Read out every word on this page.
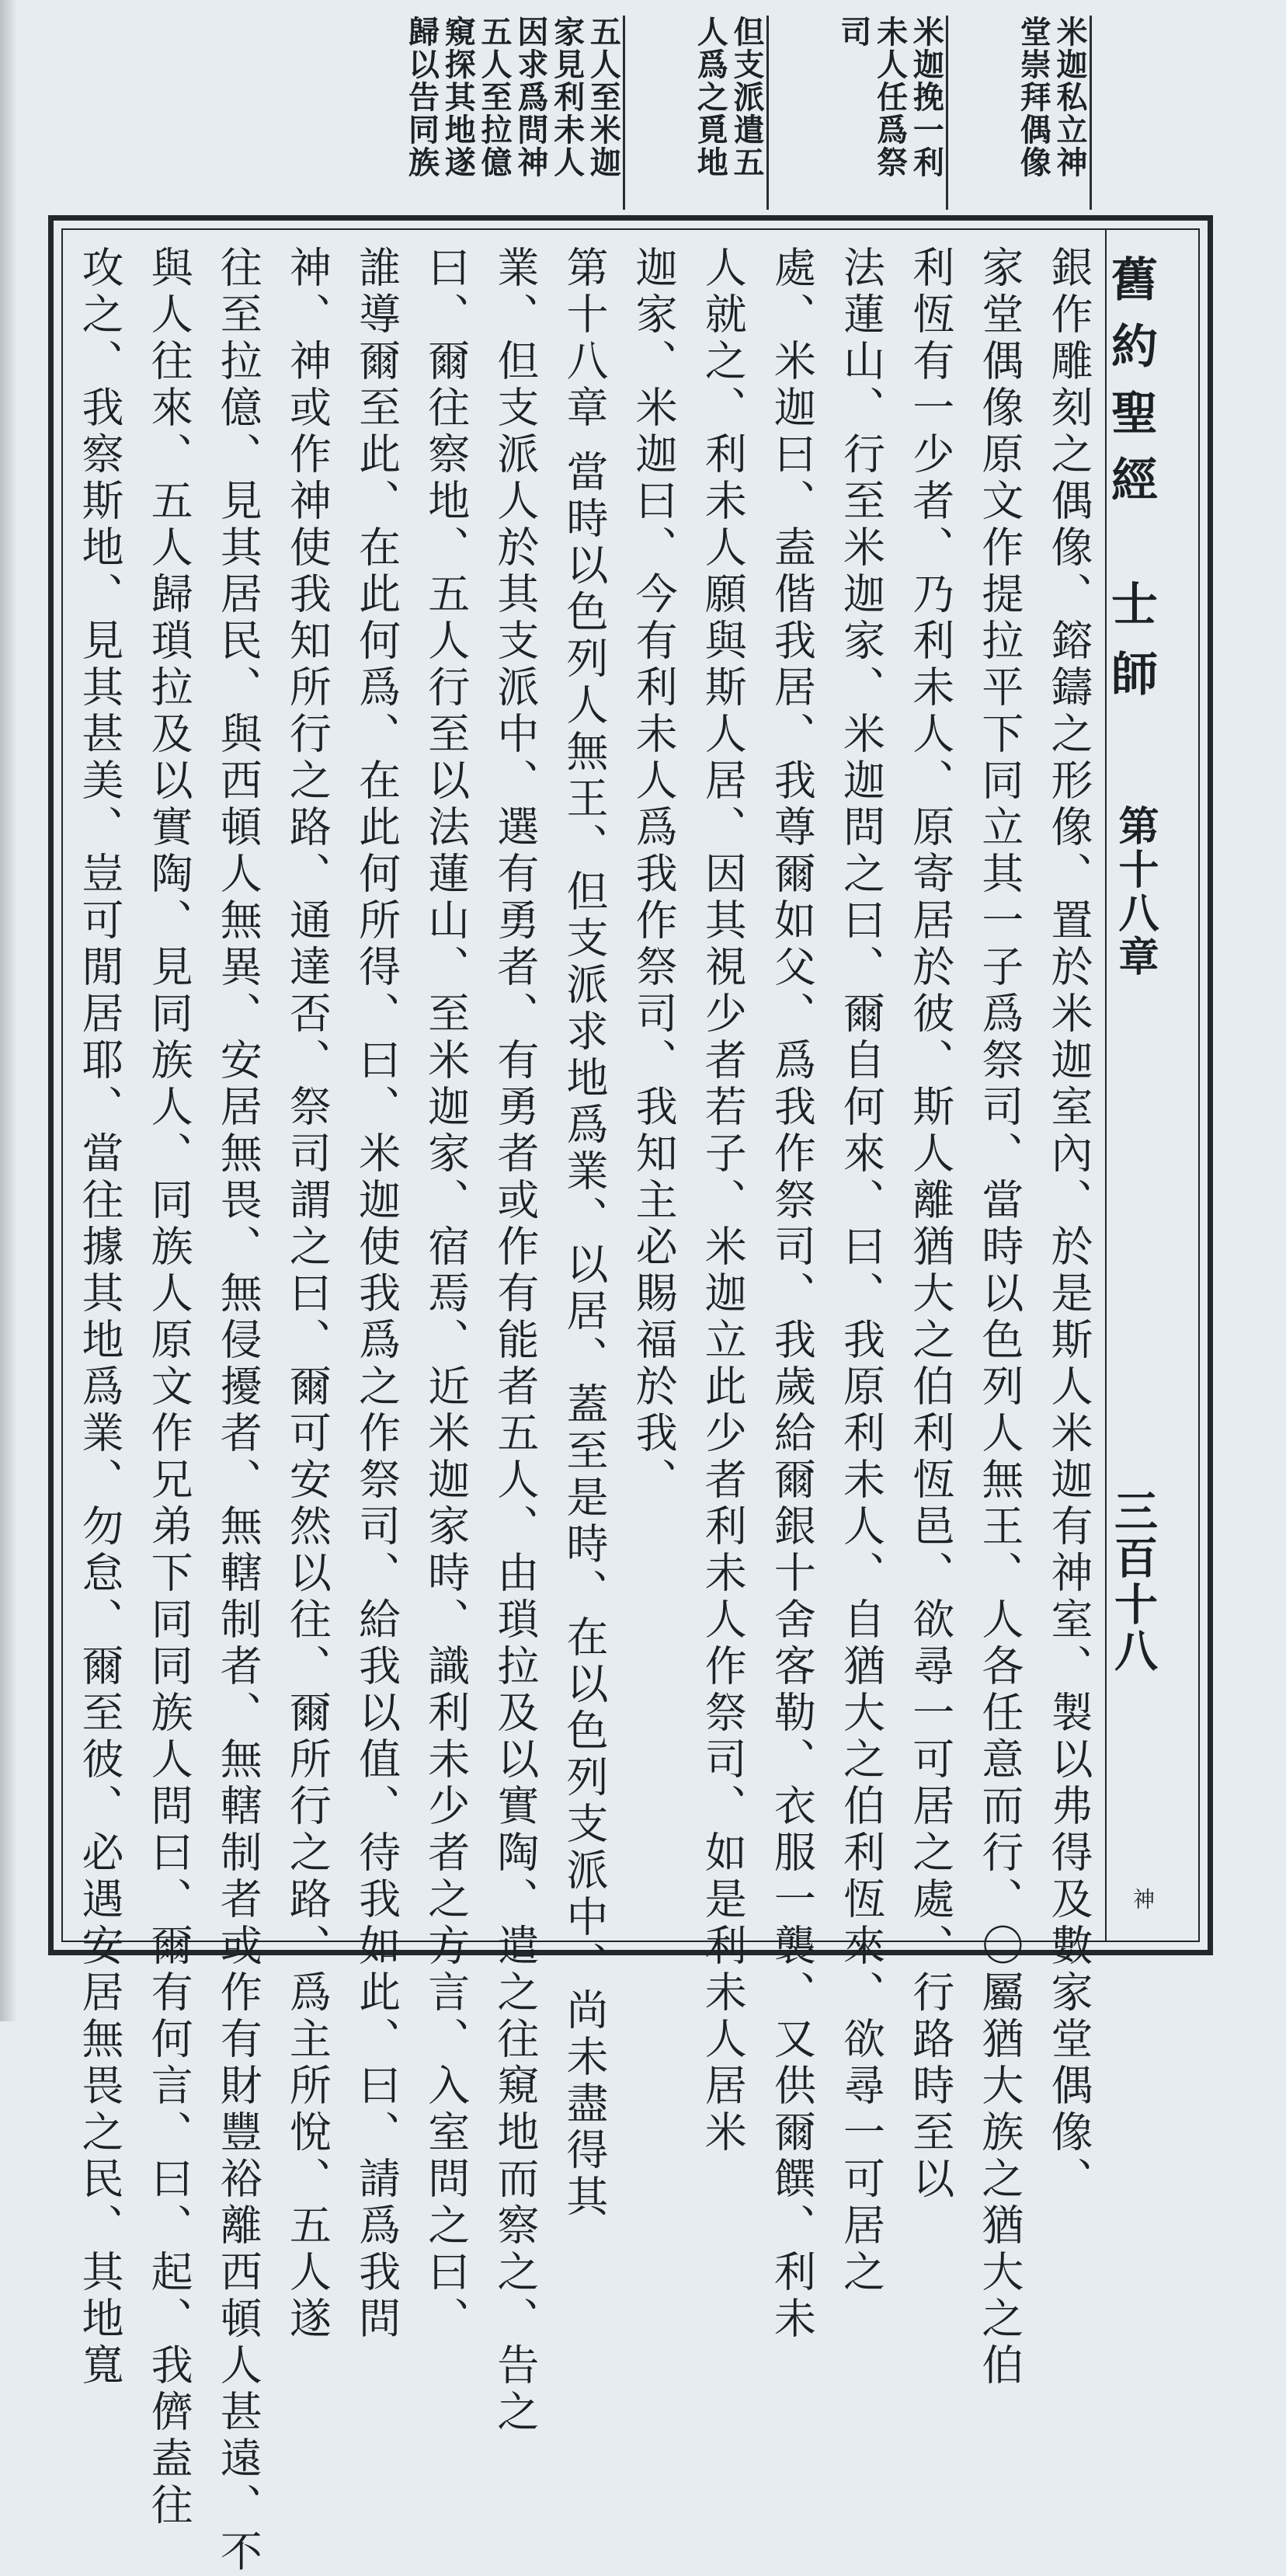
米迦私立神
堂崇拜偶像
米迦挽一利
未人任爲祭
司
但支派遣五
人爲之覓地
五人至米迦
家見利未人
因求爲問神
五人至拉億
窺探其地遂
歸以告同族
舊約聖經
士師
第十八章
三百十八
神
銀作雕刻之偶像、鎔鑄之形像、置於米迦室內、於是斯人米迦有神室、製以弗得及數家堂偶像、
家堂偶像原文作提拉平下同立其一子爲祭司、當時以色列人無王、人各任意而行、〇屬猶大族之猶大之伯
利恆有一少者、乃利未人、原寄居於彼、斯人離猶大之伯利恆邑、欲尋一可居之處、行路時至以
法蓮山、行至米迦家、米迦問之曰、爾自何來、曰、我原利未人、自猶大之伯利恆來、欲尋一可居之
處、米迦曰、盍偕我居、我尊爾如父、爲我作祭司、我歲給爾銀十舍客勒、衣服一襲、又供爾饌、利未
人就之、利未人願與斯人居、因其視少者若子、米迦立此少者利未人作祭司、如是利未人居米
迦家、米迦曰、今有利未人爲我作祭司、我知主必賜福於我、
第十八章 當時以色列人無王、但支派求地爲業、以居、蓋至是時、在以色列支派中、尚未盡得其
業、但支派人於其支派中、選有勇者、有勇者或作有能者五人、由瑣拉及以實陶、遣之往窺地而察之、告之
曰、爾往察地、五人行至以法蓮山、至米迦家、宿焉、近米迦家時、識利未少者之方言、入室問之曰、
誰導爾至此、在此何爲、在此何所得、曰、米迦使我爲之作祭司、給我以值、待我如此、曰、請爲我問
神、神或作神使我知所行之路、通達否、祭司謂之曰、爾可安然以往、爾所行之路、爲主所悅、五人遂
往至拉億、見其居民、與西頓人無異、安居無畏、無侵擾者、無轄制者、無轄制者或作有財豐裕離西頓人甚遠、不
與人往來、五人歸瑣拉及以實陶、見同族人、同族人原文作兄弟下同同族人問曰、爾有何言、曰、起、我儕盍往
攻之、我察斯地、見其甚美、豈可閒居耶、當往據其地爲業、勿怠、爾至彼、必遇安居無畏之民、其地寬
